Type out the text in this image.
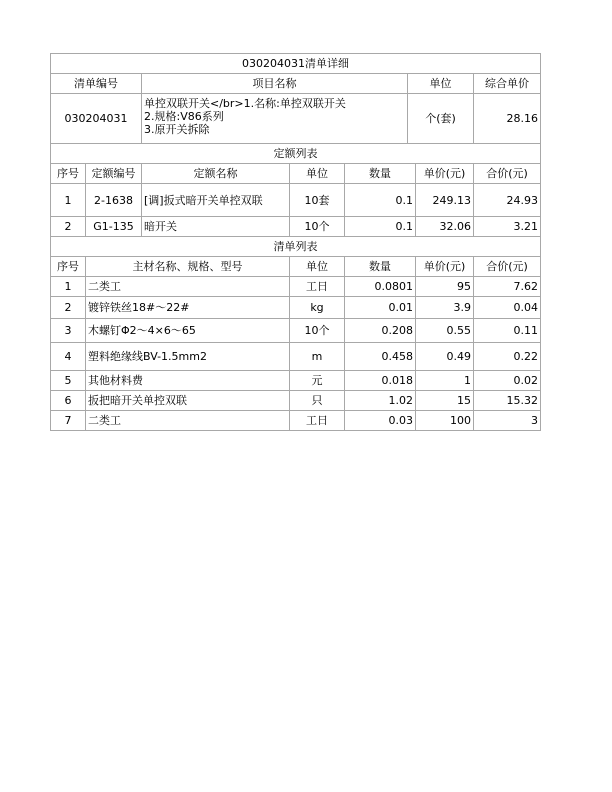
030204031清单详细							
清单编号		项目名称			单位		综合单价
030204031		单控双联开关</br>1.名称:单控双联开关
2.规格:V86系列
3.原开关拆除			个(套)		28.16
定额列表							
序号	定额编号	定额名称	单位	数量		单价(元)	合价(元)
1	2-1638	[调]扳式暗开关单控双联	10套	0.1		249.13	24.93
2	G1-135	暗开关	10个	0.1		32.06	3.21
清单列表							
序号	主材名称、规格、型号		单位	数量		单价(元)	合价(元)
1	二类工		工日	0.0801		95	7.62
2	镀锌铁丝18#～22#		kg	0.01		3.9	0.04
3	木螺钉Φ2～4×6～65		10个	0.208		0.55	0.11
4	塑料绝缘线BV-1.5mm2		m	0.458		0.49	0.22
5	其他材料费		元	0.018		1	0.02
6	扳把暗开关单控双联		只	1.02		15	15.32
7	二类工		工日	0.03		100	3
